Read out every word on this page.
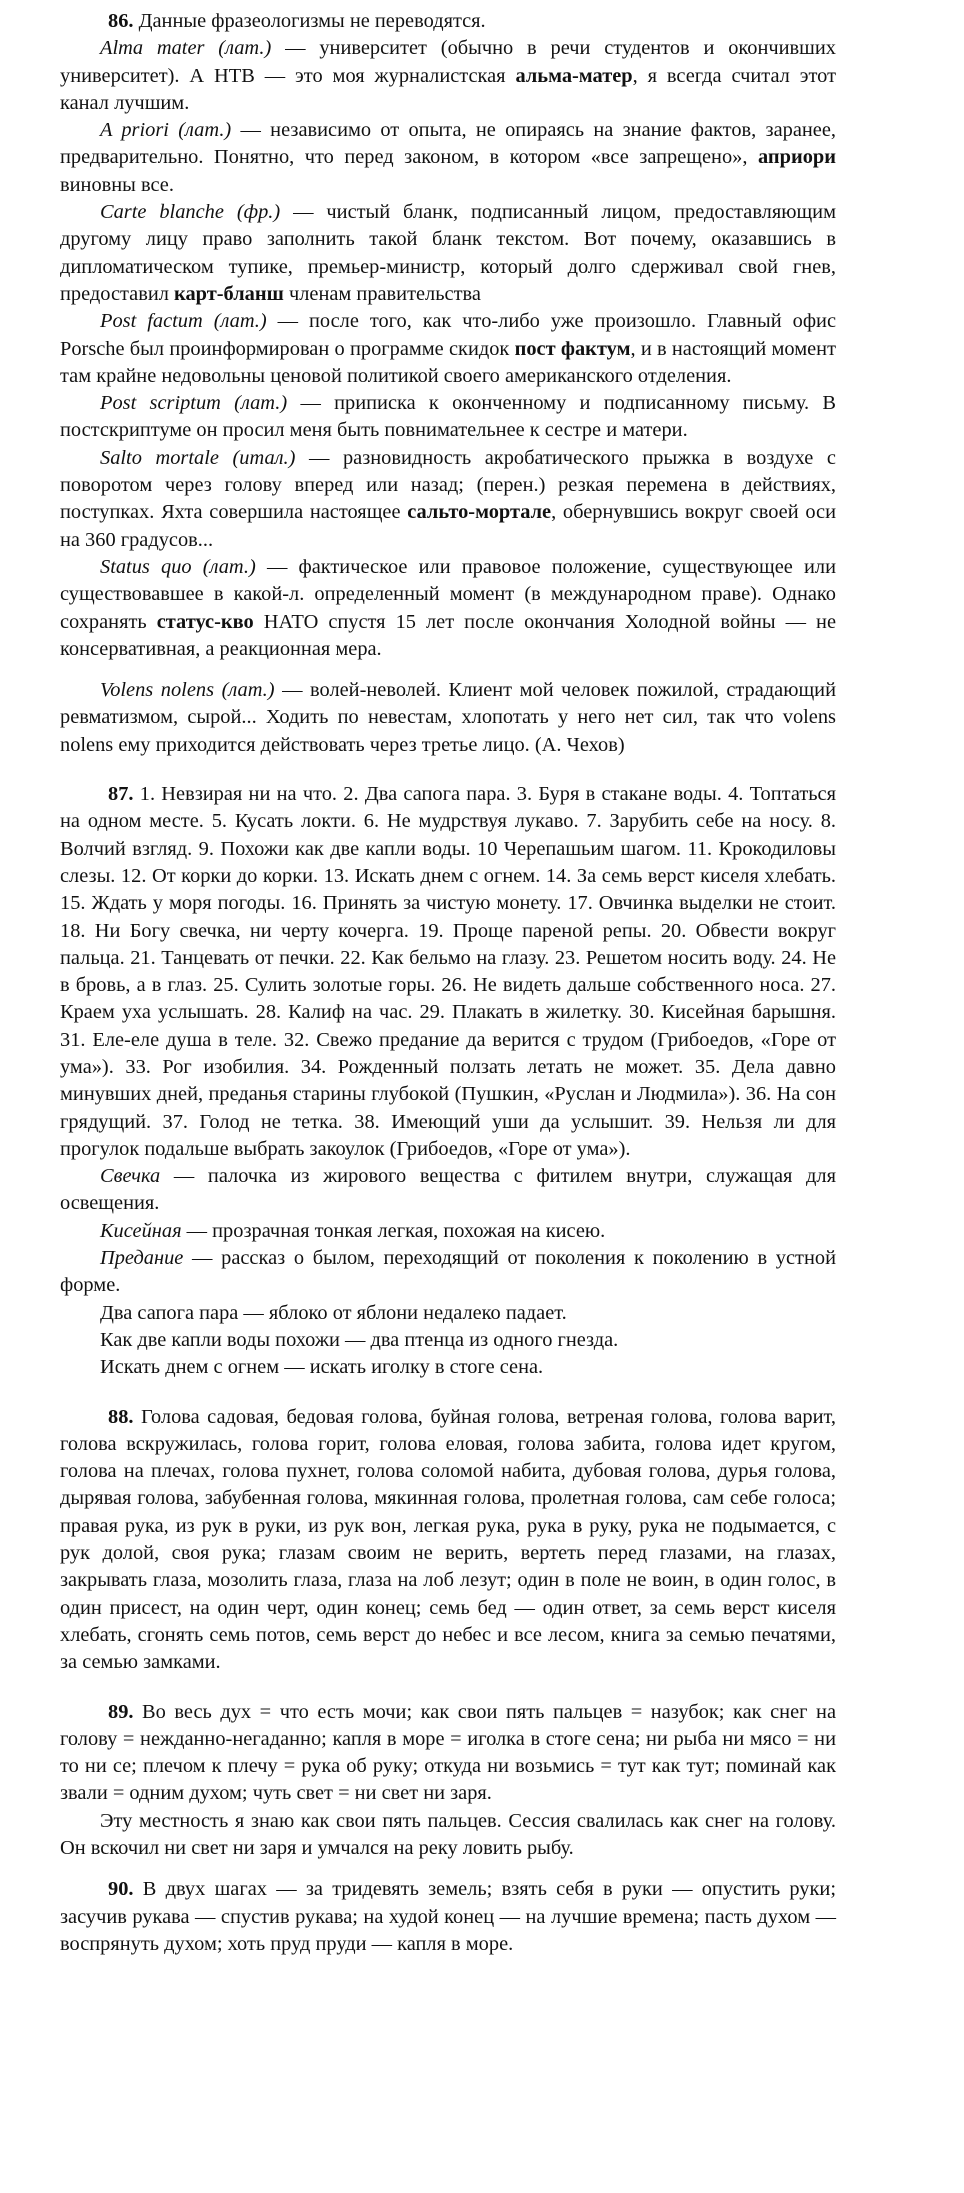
86. Данные фразеологизмы не переводятся.

Alma mater (лат.) — университет (обычно в речи студентов и окончивших университет). А НТВ — это моя журналистская альма-матер, я всегда считал этот канал лучшим.

A priori (лат.) — независимо от опыта, не опираясь на знание фактов, заранее, предварительно. Понятно, что перед законом, в котором «все запрещено», априори виновны все.

Carte blanche (фр.) — чистый бланк, подписанный лицом, предоставляющим другому лицу право заполнить такой бланк текстом. Вот почему, оказавшись в дипломатическом тупике, премьер-министр, который долго сдерживал свой гнев, предоставил карт-бланш членам правительства

Post factum (лат.) — после того, как что-либо уже произошло. Главный офис Porsche был проинформирован о программе скидок пост фактум, и в настоящий момент там крайне недовольны ценовой политикой своего американского отделения.

Post scriptum (лат.) — приписка к оконченному и подписанному письму. В постскриптуме он просил меня быть повнимательнее к сестре и матери.

Salto mortale (итал.) — разновидность акробатического прыжка в воздухе с поворотом через голову вперед или назад; (перен.) резкая перемена в действиях, поступках. Яхта совершила настоящее сальто-мортале, обернувшись вокруг своей оси на 360 градусов...

Status quo (лат.) — фактическое или правовое положение, существующее или существовавшее в какой-л. определенный момент (в международном праве). Однако сохранять статус-кво НАТО спустя 15 лет после окончания Холодной войны — не консервативная, а реакционная мера.

Volens nolens (лат.) — волей-неволей. Клиент мой человек пожилой, страдающий ревматизмом, сырой... Ходить по невестам, хлопотать у него нет сил, так что volens nolens ему приходится действовать через третье лицо. (А. Чехов)

87. 1. Невзирая ни на что. 2. Два сапога пара. 3. Буря в стакане воды. 4. Топтаться на одном месте. 5. Кусать локти. 6. Не мудрствуя лукаво. 7. Зарубить себе на носу. 8. Волчий взгляд. 9. Похожи как две капли воды. 10 Черепашьим шагом. 11. Крокодиловы слезы. 12. От корки до корки. 13. Искать днем с огнем. 14. За семь верст киселя хлебать. 15. Ждать у моря погоды. 16. Принять за чистую монету. 17. Овчинка выделки не стоит. 18. Ни Богу свечка, ни черту кочерга. 19. Проще пареной репы. 20. Обвести вокруг пальца. 21. Танцевать от печки. 22. Как бельмо на глазу. 23. Решетом носить воду. 24. Не в бровь, а в глаз. 25. Сулить золотые горы. 26. Не видеть дальше собственного носа. 27. Краем уха услышать. 28. Калиф на час. 29. Плакать в жилетку. 30. Кисейная барышня. 31. Еле-еле душа в теле. 32. Свежо предание да верится с трудом (Грибоедов, «Горе от ума»). 33. Рог изобилия. 34. Рожденный ползать летать не может. 35. Дела давно минувших дней, преданья старины глубокой (Пушкин, «Руслан и Людмила»). 36. На сон грядущий. 37. Голод не тетка. 38. Имеющий уши да услышит. 39. Нельзя ли для прогулок подальше выбрать закоулок (Грибоедов, «Горе от ума»).

Свечка — палочка из жирового вещества с фитилем внутри, служащая для освещения.

Кисейная — прозрачная тонкая легкая, похожая на кисею.

Предание — рассказ о былом, переходящий от поколения к поколению в устной форме.

Два сапога пара — яблоко от яблони недалеко падает.

Как две капли воды похожи — два птенца из одного гнезда.

Искать днем с огнем — искать иголку в стоге сена.

88. Голова садовая, бедовая голова, буйная голова, ветреная голова, голова варит, голова вскружилась, голова горит, голова еловая, голова забита, голова идет кругом, голова на плечах, голова пухнет, голова соломой набита, дубовая голова, дурья голова, дырявая голова, забубенная голова, мякинная голова, пролетная голова, сам себе голоса; правая рука, из рук в руки, из рук вон, легкая рука, рука в руку, рука не подымается, с рук долой, своя рука; глазам своим не верить, вертеть перед глазами, на глазах, закрывать глаза, мозолить глаза, глаза на лоб лезут; один в поле не воин, в один голос, в один присест, на один черт, один конец; семь бед — один ответ, за семь верст киселя хлебать, сгонять семь потов, семь верст до небес и все лесом, книга за семью печатями, за семью замками.

89. Во весь дух = что есть мочи; как свои пять пальцев = назубок; как снег на голову = нежданно-негаданно; капля в море = иголка в стоге сена; ни рыба ни мясо = ни то ни се; плечом к плечу = рука об руку; откуда ни возьмись = тут как тут; поминай как звали = одним духом; чуть свет = ни свет ни заря.

Эту местность я знаю как свои пять пальцев. Сессия свалилась как снег на голову. Он вскочил ни свет ни заря и умчался на реку ловить рыбу.

90. В двух шагах — за тридевять земель; взять себя в руки — опустить руки; засучив рукава — спустив рукава; на худой конец — на лучшие времена; пасть духом — воспрянуть духом; хоть пруд пруди — капля в море.
